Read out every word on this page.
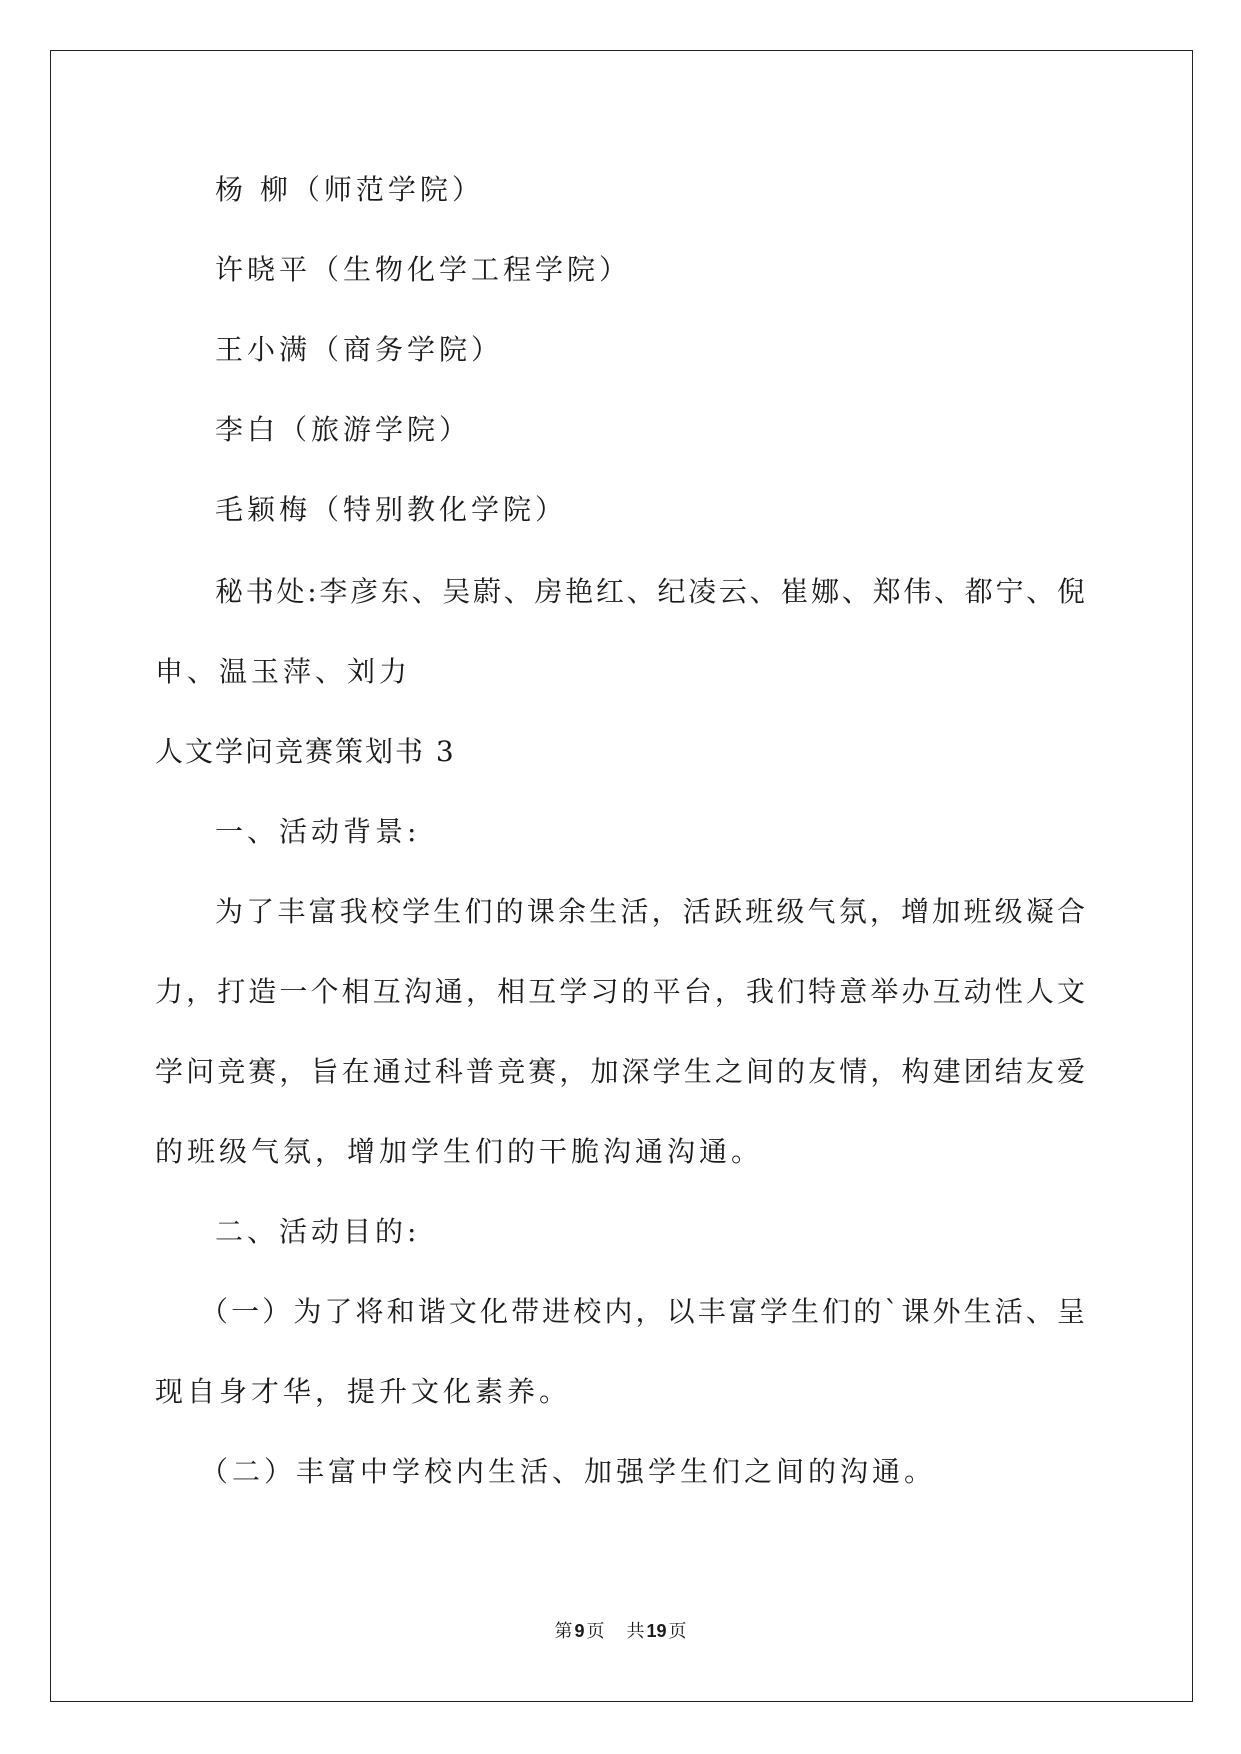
杨 柳（师范学院）
许晓平（生物化学工程学院）
王小满（商务学院）
李白（旅游学院）
毛颖梅（特别教化学院）
秘书处:李彦东、吴蔚、房艳红、纪凌云、崔娜、郑伟、都宁、倪
申、温玉萍、刘力
人文学问竞赛策划书 3
一、活动背景:
为了丰富我校学生们的课余生活，活跃班级气氛，增加班级凝合
力，打造一个相互沟通，相互学习的平台，我们特意举办互动性人文
学问竞赛，旨在通过科普竞赛，加深学生之间的友情，构建团结友爱
的班级气氛，增加学生们的干脆沟通沟通。
二、活动目的:
（一）为了将和谐文化带进校内，以丰富学生们的`课外生活、呈
现自身才华，提升文化素养。
（二）丰富中学校内生活、加强学生们之间的沟通。
第 9 页 共 19 页
